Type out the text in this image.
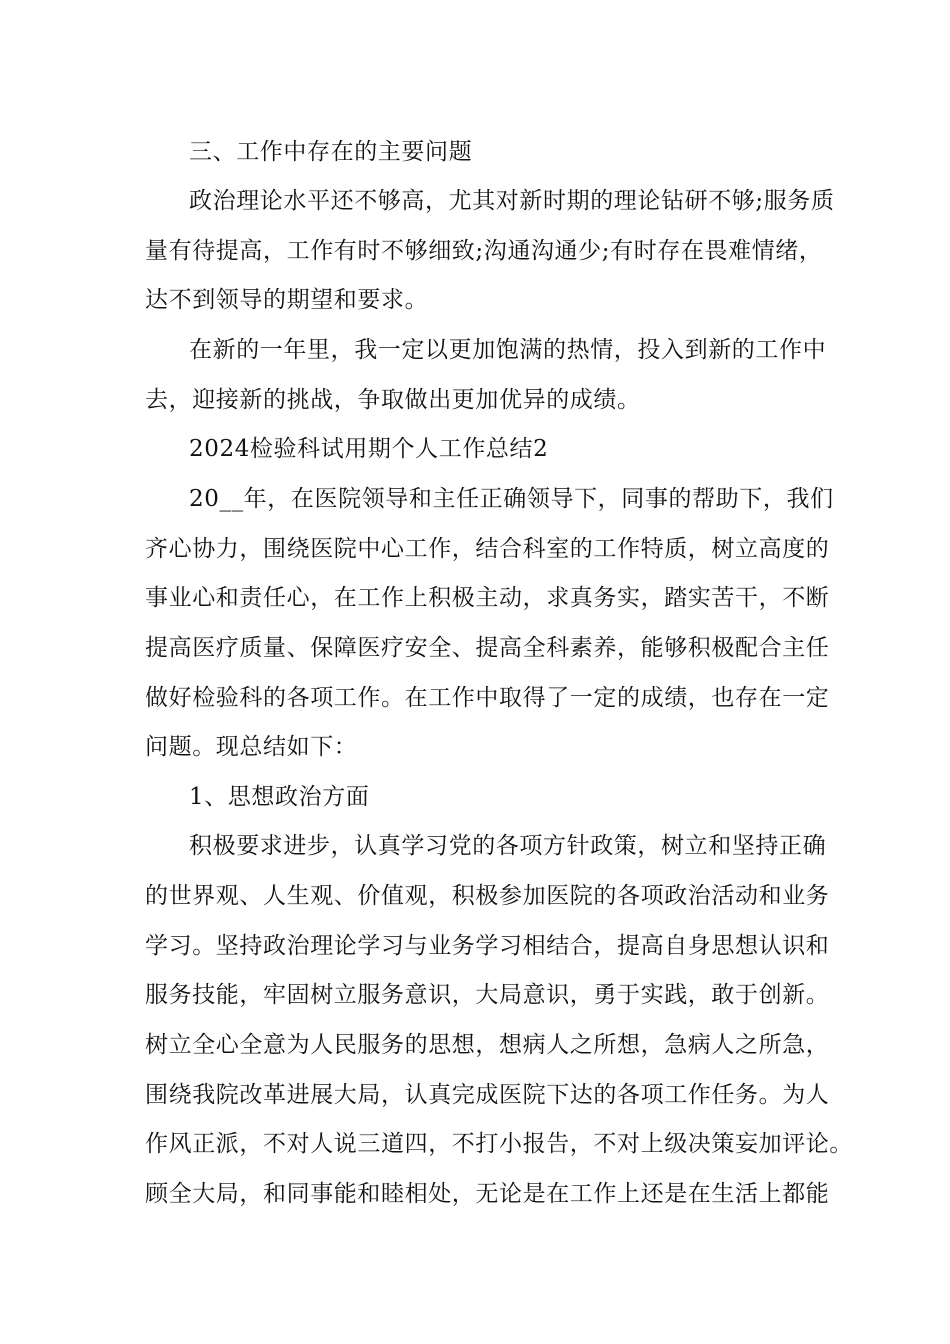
三、工作中存在的主要问题
政治理论水平还不够高，尤其对新时期的理论钻研不够;服务质
量有待提高，工作有时不够细致;沟通沟通少;有时存在畏难情绪，
达不到领导的期望和要求。
在新的一年里，我一定以更加饱满的热情，投入到新的工作中
去，迎接新的挑战，争取做出更加优异的成绩。
2024检验科试用期个人工作总结2
20__年，在医院领导和主任正确领导下，同事的帮助下，我们
齐心协力，围绕医院中心工作，结合科室的工作特质，树立高度的
事业心和责任心，在工作上积极主动，求真务实，踏实苦干，不断
提高医疗质量、保障医疗安全、提高全科素养，能够积极配合主任
做好检验科的各项工作。在工作中取得了一定的成绩，也存在一定
问题。现总结如下：
1、思想政治方面
积极要求进步，认真学习党的各项方针政策，树立和坚持正确
的世界观、人生观、价值观，积极参加医院的各项政治活动和业务
学习。坚持政治理论学习与业务学习相结合，提高自身思想认识和
服务技能，牢固树立服务意识，大局意识，勇于实践，敢于创新。
树立全心全意为人民服务的思想，想病人之所想，急病人之所急，
围绕我院改革进展大局，认真完成医院下达的各项工作任务。为人
作风正派，不对人说三道四，不打小报告，不对上级决策妄加评论。
顾全大局，和同事能和睦相处，无论是在工作上还是在生活上都能
